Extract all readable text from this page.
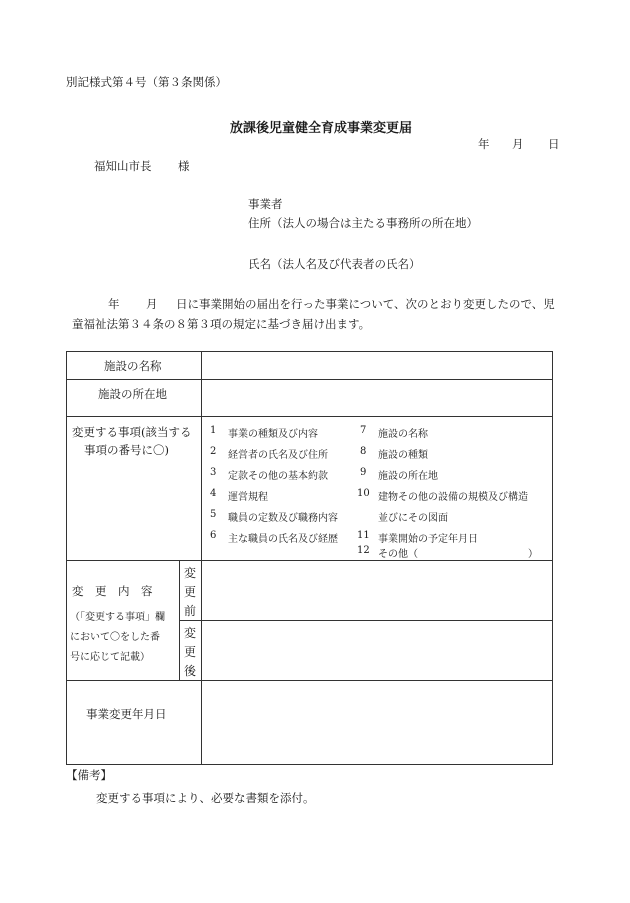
別記様式第４号（第３条関係）
放課後児童健全育成事業変更届
年 月 日
福知山市長 様
事業者
住所（法人の場合は主たる事務所の所在地）
氏名（法人名及び代表者の氏名）
年 月 日に事業開始の届出を行った事業について、次のとおり変更したので、児
童福祉法第３４条の８第３項の規定に基づき届け出ます。
施設の名称
施設の所在地
変更する事項(該当する
事項の番号に〇)
1 事業の種類及び内容
2 経営者の氏名及び住所
3 定款その他の基本約款
4 運営規程
5 職員の定数及び職務内容
6 主な職員の氏名及び経歴
7 施設の名称
8 施設の種類
9 施設の所在地
10 建物その他の設備の規模及び構造
並びにその図面
11 事業開始の予定年月日
12 その他（	）
変　更　内　容
（「変更する事項」欄
において〇をした番
号に応じて記載）
変
更
前
変
更
後
事業変更年月日
【備考】
変更する事項により、必要な書類を添付。
